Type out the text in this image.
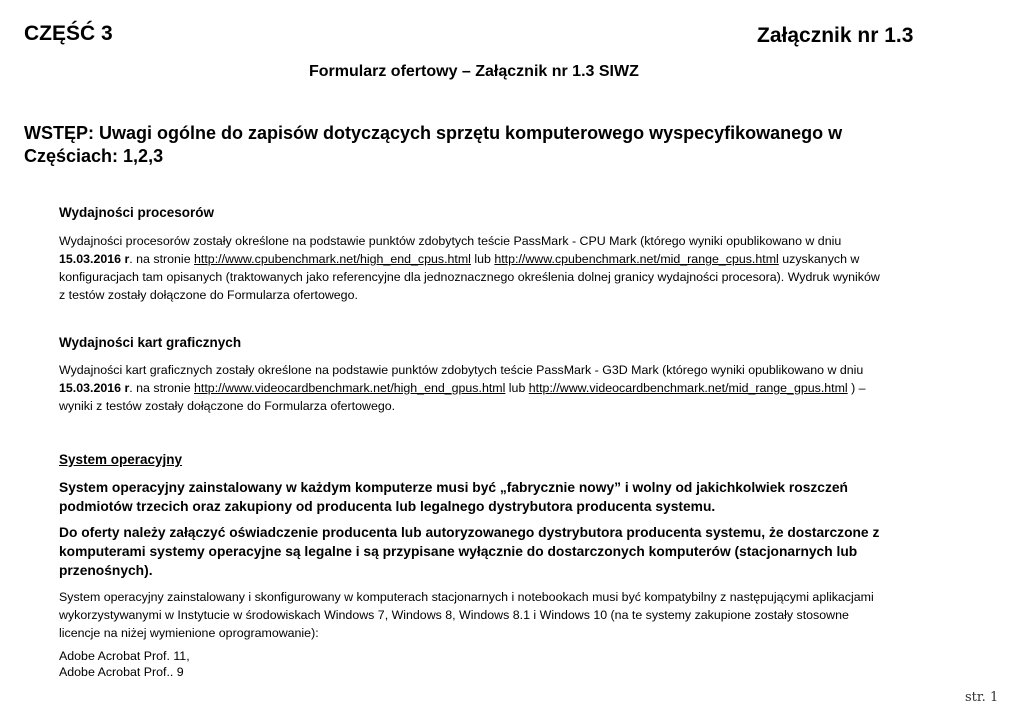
CZĘŚĆ 3	Załącznik nr 1.3
Formularz ofertowy – Załącznik nr 1.3 SIWZ
WSTĘP: Uwagi ogólne do zapisów dotyczących sprzętu komputerowego wyspecyfikowanego w
Częściach: 1,2,3
Wydajności procesorów
Wydajności procesorów zostały określone na podstawie punktów zdobytych teście PassMark - CPU Mark (którego wyniki opublikowano w dniu
15.03.2016 r. na stronie http://www.cpubenchmark.net/high_end_cpus.html lub http://www.cpubenchmark.net/mid_range_cpus.html uzyskanych w
konfiguracjach tam opisanych (traktowanych jako referencyjne dla jednoznacznego określenia dolnej granicy wydajności procesora). Wydruk wyników
z testów zostały dołączone do Formularza ofertowego.
Wydajności kart graficznych
Wydajności kart graficznych zostały określone na podstawie punktów zdobytych teście PassMark - G3D Mark (którego wyniki opublikowano w dniu
15.03.2016 r. na stronie http://www.videocardbenchmark.net/high_end_gpus.html lub http://www.videocardbenchmark.net/mid_range_gpus.html ) –
wyniki z testów zostały dołączone do Formularza ofertowego.
System operacyjny
System operacyjny zainstalowany w każdym komputerze musi być „fabrycznie nowy” i wolny od jakichkolwiek roszczeń
podmiotów trzecich oraz zakupiony od producenta lub legalnego dystrybutora producenta systemu.
Do oferty należy załączyć oświadczenie producenta lub autoryzowanego dystrybutora producenta systemu, że dostarczone z
komputerami systemy operacyjne są legalne i są przypisane wyłącznie do dostarczonych komputerów (stacjonarnych lub
przenośnych).
System operacyjny zainstalowany i skonfigurowany w komputerach stacjonarnych i notebookach musi być kompatybilny z następującymi aplikacjami
wykorzystywanymi w Instytucie w środowiskach Windows 7, Windows 8, Windows 8.1 i Windows 10 (na te systemy zakupione zostały stosowne
licencje na niżej wymienione oprogramowanie):
Adobe Acrobat Prof. 11,
Adobe Acrobat Prof.. 9
str. 1
